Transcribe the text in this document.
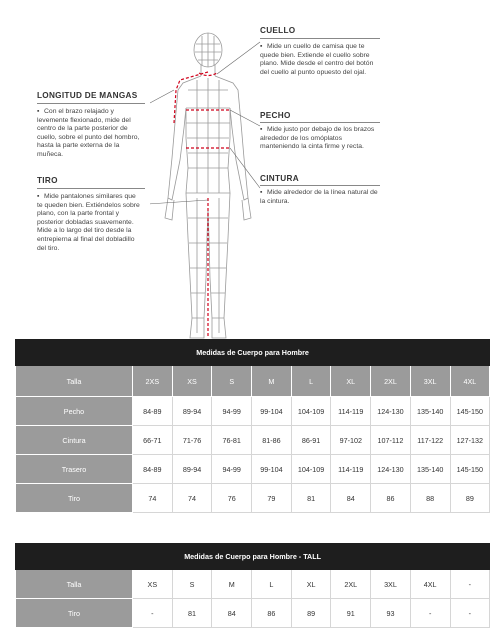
CUELLO
▪ Mide un cuello de camisa que te quede bien. Extiende el cuello sobre plano. Mide desde el centro del botón del cuello al punto opuesto del ojal.
PECHO
▪ Mide justo por debajo de los brazos alrededor de los omóplatos manteniendo la cinta firme y recta.
CINTURA
▪ Mide alrededor de la línea natural de la cintura.
LONGITUD DE MANGAS
▪ Con el brazo relajado y levemente flexionado, mide del centro de la parte posterior de cuello, sobre el punto del hombro, hasta la parte externa de la muñeca.
TIRO
▪ Mide pantalones similares que te queden bien. Extiéndelos sobre plano, con la parte frontal y posterior dobladas suavemente. Mide a lo largo del tiro desde la entrepierna al final del dobladillo del tiro.
Medidas de Cuerpo para Hombre									
Talla	2XS	XS	S	M	L	XL	2XL	3XL	4XL
Pecho	84-89	89-94	94-99	99-104	104-109	114-119	124-130	135-140	145-150
Cintura	66-71	71-76	76-81	81-86	86-91	97-102	107-112	117-122	127-132
Trasero	84-89	89-94	94-99	99-104	104-109	114-119	124-130	135-140	145-150
Tiro	74	74	76	79	81	84	86	88	89
Medidas de Cuerpo para Hombre - TALL									
Talla	XS	S	M	L	XL	2XL	3XL	4XL	-
Tiro	-	81	84	86	89	91	93	-	-
